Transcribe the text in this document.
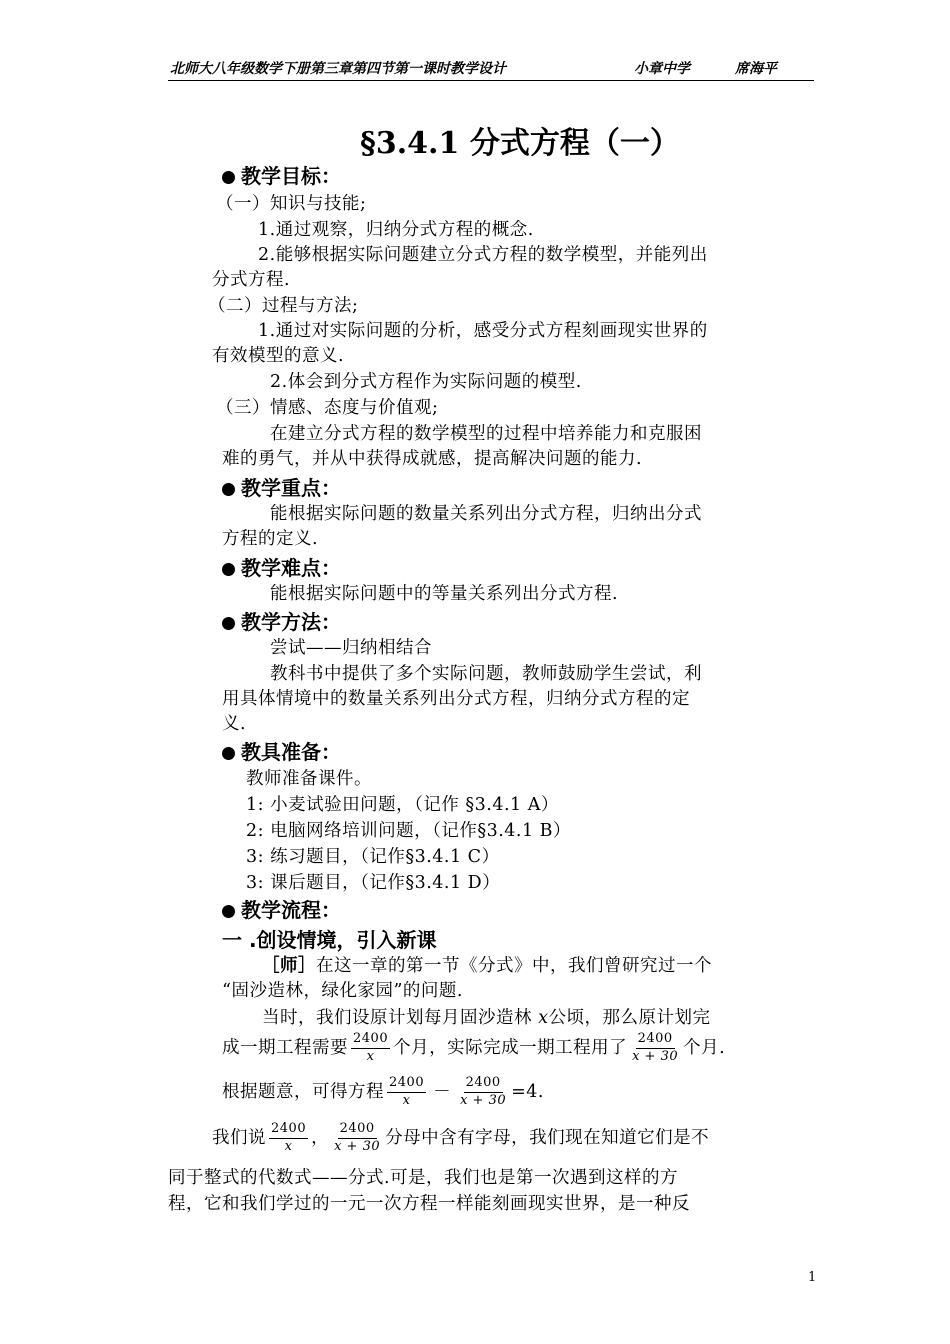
北师大八年级数学下册第三章第四节第一课时教学设计	小章中学	席海平
§3.4.1 分式方程（一）
教学目标：
（一）知识与技能;
1.通过观察，归纳分式方程的概念.
2.能够根据实际问题建立分式方程的数学模型，并能列出
分式方程.
（二）过程与方法;
1.通过对实际问题的分析，感受分式方程刻画现实世界的
有效模型的意义.
2.体会到分式方程作为实际问题的模型.
（三）情感、态度与价值观;
在建立分式方程的数学模型的过程中培养能力和克服困
难的勇气，并从中获得成就感，提高解决问题的能力.
教学重点：
能根据实际问题的数量关系列出分式方程，归纳出分式
方程的定义.
教学难点：
能根据实际问题中的等量关系列出分式方程.
教学方法：
尝试——归纳相结合
教科书中提供了多个实际问题，教师鼓励学生尝试，利
用具体情境中的数量关系列出分式方程，归纳分式方程的定
义.
教具准备：
教师准备课件。
1: 小麦试验田问题，（记作 §3.4.1 A）
2: 电脑网络培训问题，（记作§3.4.1 B）
3: 练习题目，（记作§3.4.1 C）
3: 课后题目，（记作§3.4.1 D）
教学流程：
一 .创设情境，引入新课
［师］在这一章的第一节《分式》中，我们曾研究过一个
“固沙造林，绿化家园”的问题.
当时，我们设原计划每月固沙造林 x公顷，那么原计划完
成一期工程需要 $\frac{2400}{x}$ 个月，实际完成一期工程用了 $\frac{2400}{x + 30}$ 个月.
根据题意，可得方程 $\frac{2400}{x} - \frac{2400}{x + 30} =4$.
我们说 $\frac{2400}{x}$ ， $\frac{2400}{x + 30}$ 分母中含有字母，我们现在知道它们是不
同于整式的代数式——分式.可是，我们也是第一次遇到这样的方
程，它和我们学过的一元一次方程一样能刻画现实世界，是一种反
1
